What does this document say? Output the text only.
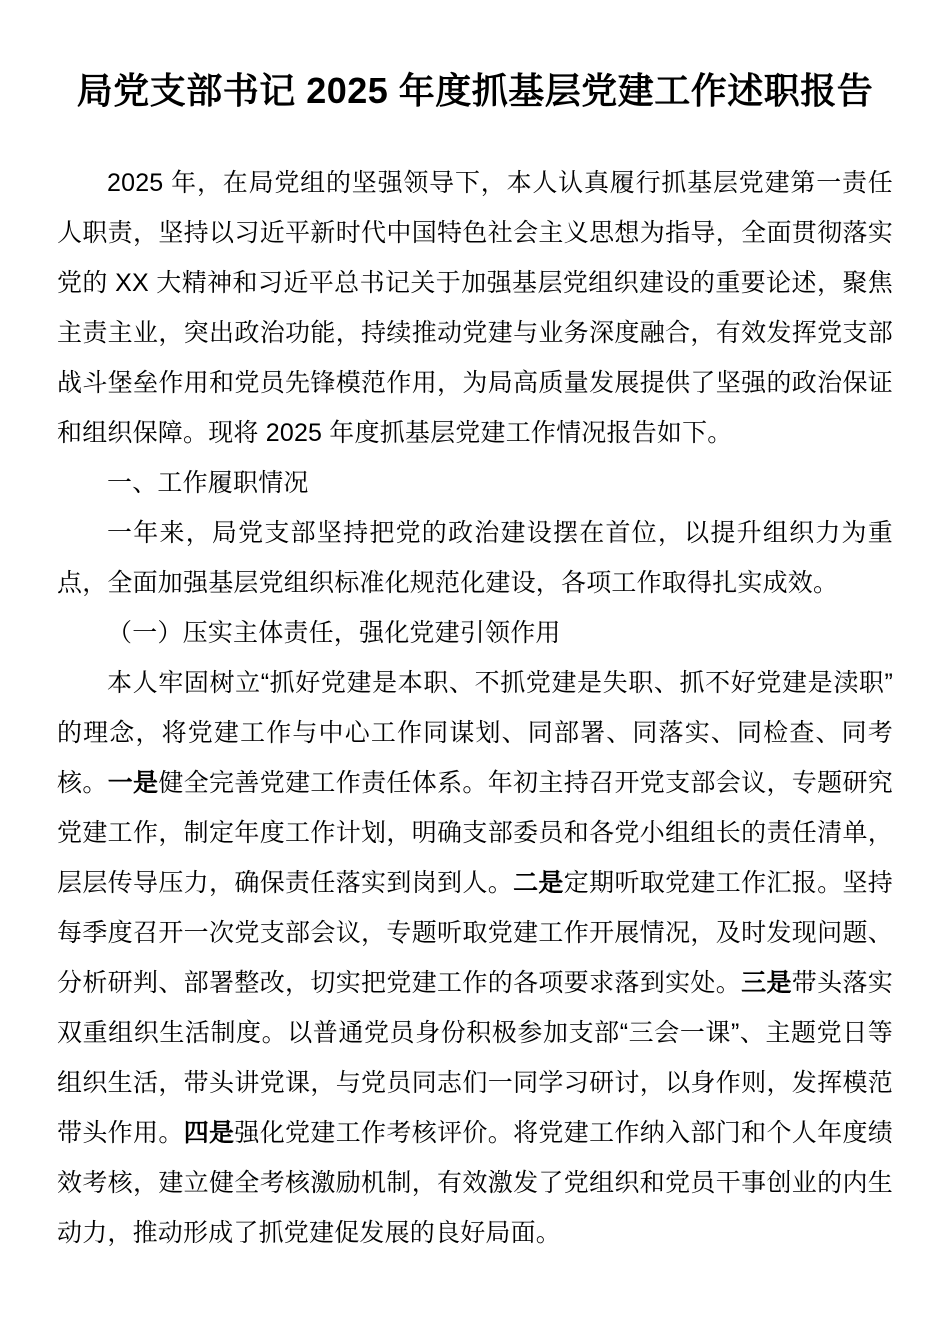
局党支部书记 2025 年度抓基层党建工作述职报告

2025 年，在局党组的坚强领导下，本人认真履行抓基层党建第一责任人职责，坚持以习近平新时代中国特色社会主义思想为指导，全面贯彻落实党的 XX 大精神和习近平总书记关于加强基层党组织建设的重要论述，聚焦主责主业，突出政治功能，持续推动党建与业务深度融合，有效发挥党支部战斗堡垒作用和党员先锋模范作用，为局高质量发展提供了坚强的政治保证和组织保障。现将 2025 年度抓基层党建工作情况报告如下。

一、工作履职情况

一年来，局党支部坚持把党的政治建设摆在首位，以提升组织力为重点，全面加强基层党组织标准化规范化建设，各项工作取得扎实成效。

（一）压实主体责任，强化党建引领作用

本人牢固树立“抓好党建是本职、不抓党建是失职、抓不好党建是渎职”的理念，将党建工作与中心工作同谋划、同部署、同落实、同检查、同考核。一是健全完善党建工作责任体系。年初主持召开党支部会议，专题研究党建工作，制定年度工作计划，明确支部委员和各党小组组长的责任清单，层层传导压力，确保责任落实到岗到人。二是定期听取党建工作汇报。坚持每季度召开一次党支部会议，专题听取党建工作开展情况，及时发现问题、分析研判、部署整改，切实把党建工作的各项要求落到实处。三是带头落实双重组织生活制度。以普通党员身份积极参加支部“三会一课”、主题党日等组织生活，带头讲党课，与党员同志们一同学习研讨，以身作则，发挥模范带头作用。四是强化党建工作考核评价。将党建工作纳入部门和个人年度绩效考核，建立健全考核激励机制，有效激发了党组织和党员干事创业的内生动力，推动形成了抓党建促发展的良好局面。
